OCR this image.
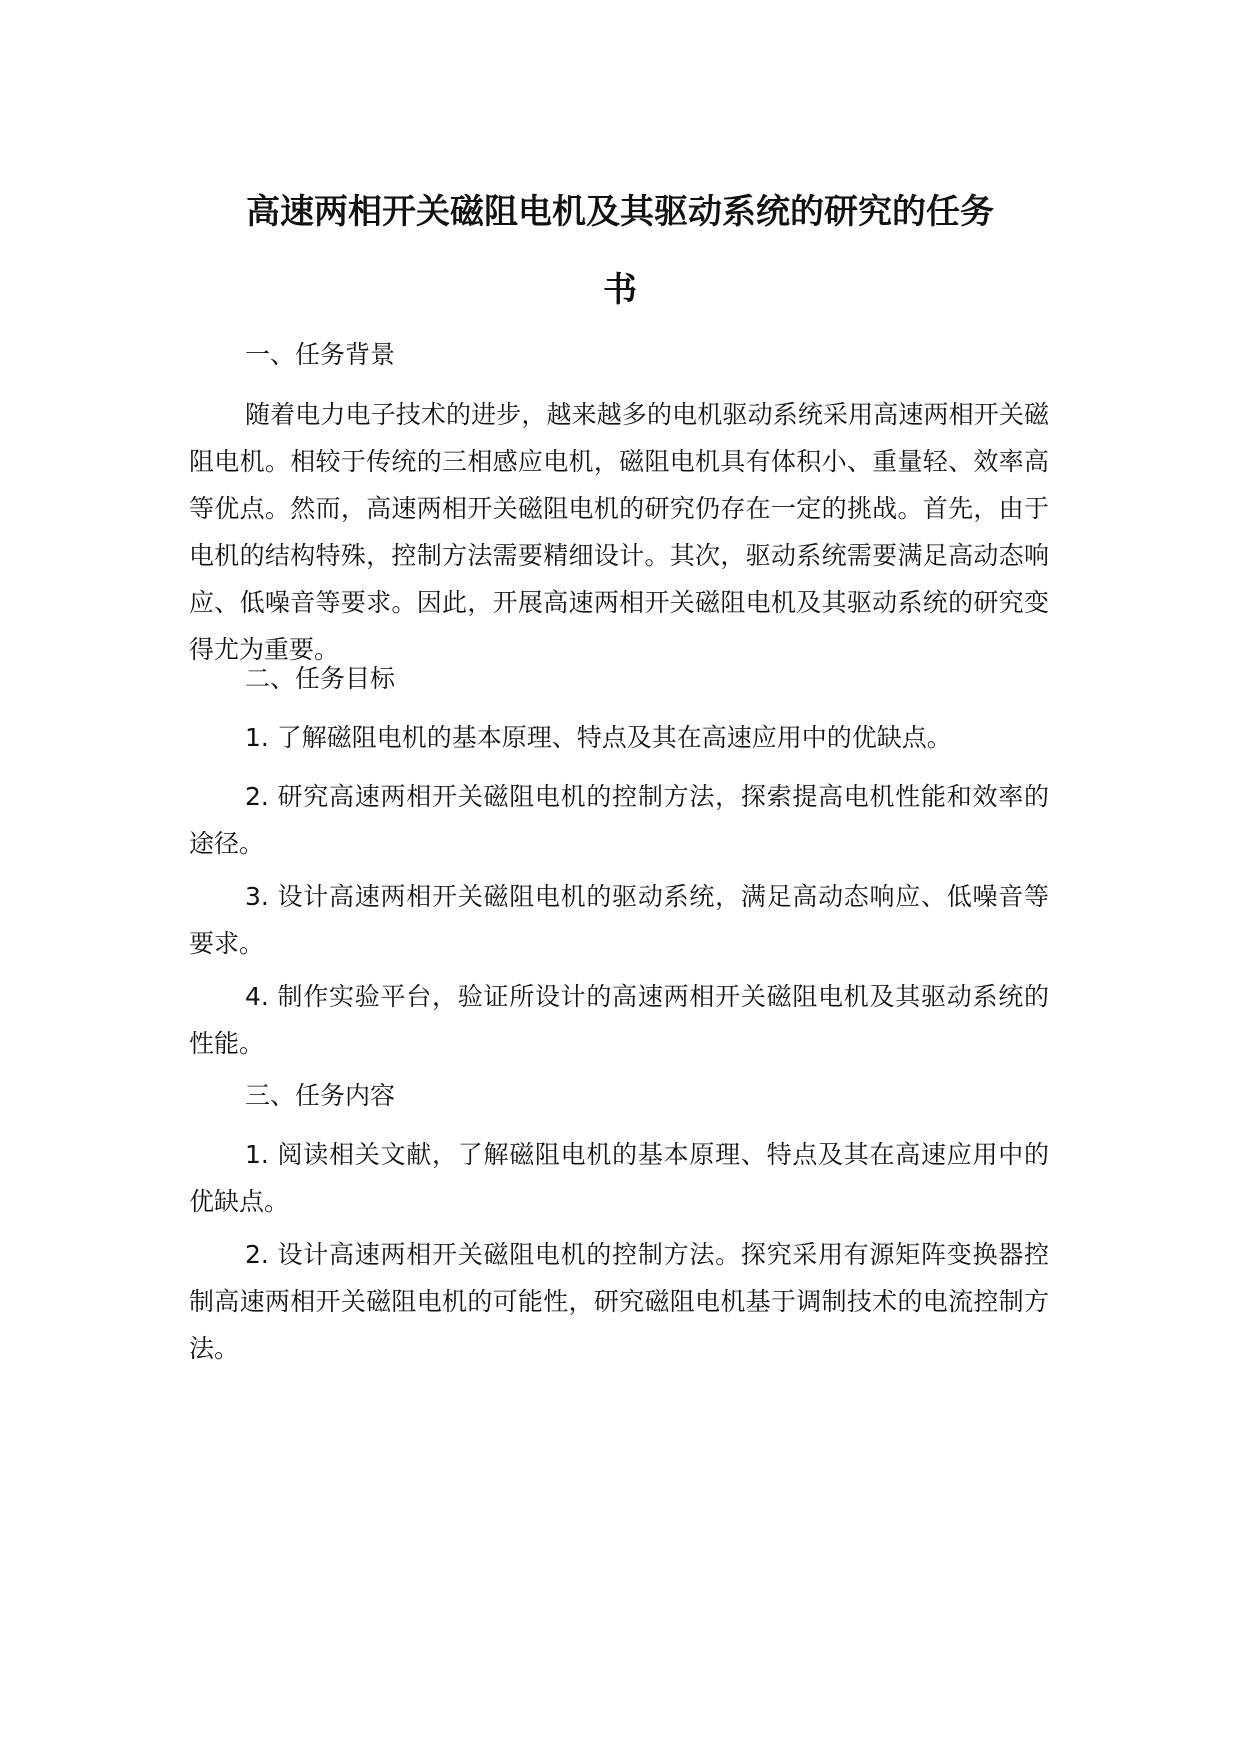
高速两相开关磁阻电机及其驱动系统的研究的任务
书

一、任务背景

随着电力电子技术的进步，越来越多的电机驱动系统采用高速两相开关磁阻电机。相较于传统的三相感应电机，磁阻电机具有体积小、重量轻、效率高等优点。然而，高速两相开关磁阻电机的研究仍存在一定的挑战。首先，由于电机的结构特殊，控制方法需要精细设计。其次，驱动系统需要满足高动态响应、低噪音等要求。因此，开展高速两相开关磁阻电机及其驱动系统的研究变得尤为重要。

二、任务目标

1. 了解磁阻电机的基本原理、特点及其在高速应用中的优缺点。

2. 研究高速两相开关磁阻电机的控制方法，探索提高电机性能和效率的途径。

3. 设计高速两相开关磁阻电机的驱动系统，满足高动态响应、低噪音等要求。

4. 制作实验平台，验证所设计的高速两相开关磁阻电机及其驱动系统的性能。

三、任务内容

1. 阅读相关文献，了解磁阻电机的基本原理、特点及其在高速应用中的优缺点。

2. 设计高速两相开关磁阻电机的控制方法。探究采用有源矩阵变换器控制高速两相开关磁阻电机的可能性，研究磁阻电机基于调制技术的电流控制方法。
